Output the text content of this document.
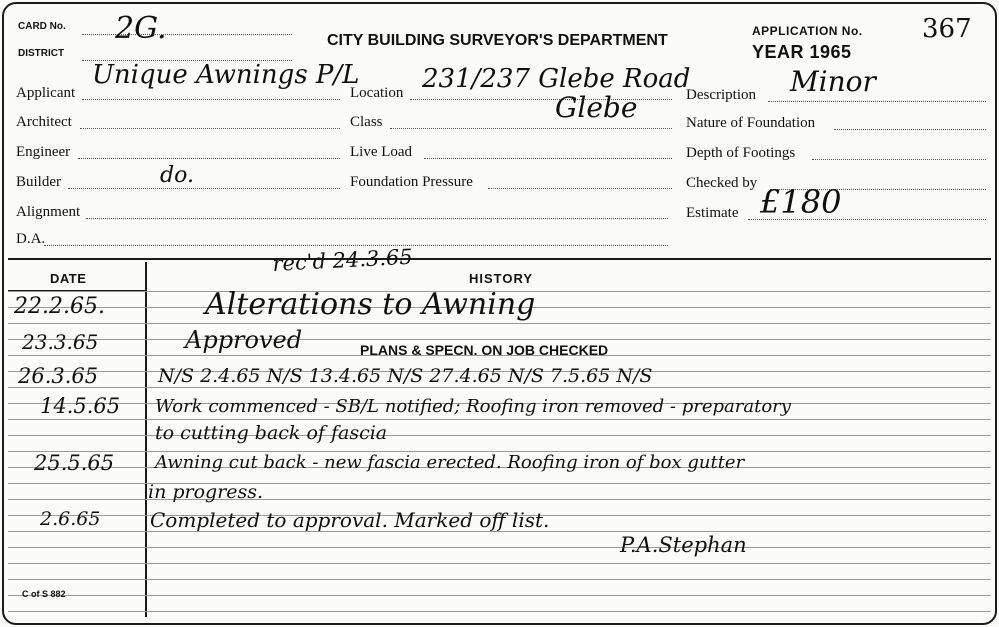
CARD No. 2G.
DISTRICT
CITY BUILDING SURVEYOR'S DEPARTMENT
APPLICATION No. 367
YEAR 1965
Applicant
Unique Awnings P/L
Architect
Engineer
Builder	do.
Alignment
D.A.
Location 231/237 Glebe Road
Glebe
Class
Live Load
Foundation Pressure
Description Minor
Nature of Foundation
Depth of Footings
Checked by
Estimate £180
DATE	HISTORY
rec'd 24.3.65
PLANS & SPECN. ON JOB CHECKED
22.2.65.
23.3.65
26.3.65
14.5.65
25.5.65
2.6.65
Alterations to Awning
Approved
N/S 2.4.65 N/S 13.4.65 N/S 27.4.65 N/S 7.5.65 N/S
Work commenced - SB/L notified; Roofing iron removed - preparatory
to cutting back of fascia
Awning cut back - new fascia erected. Roofing iron of box gutter
in progress.
Completed to approval. Marked off list.
P.A.Stephan
C of S 882
